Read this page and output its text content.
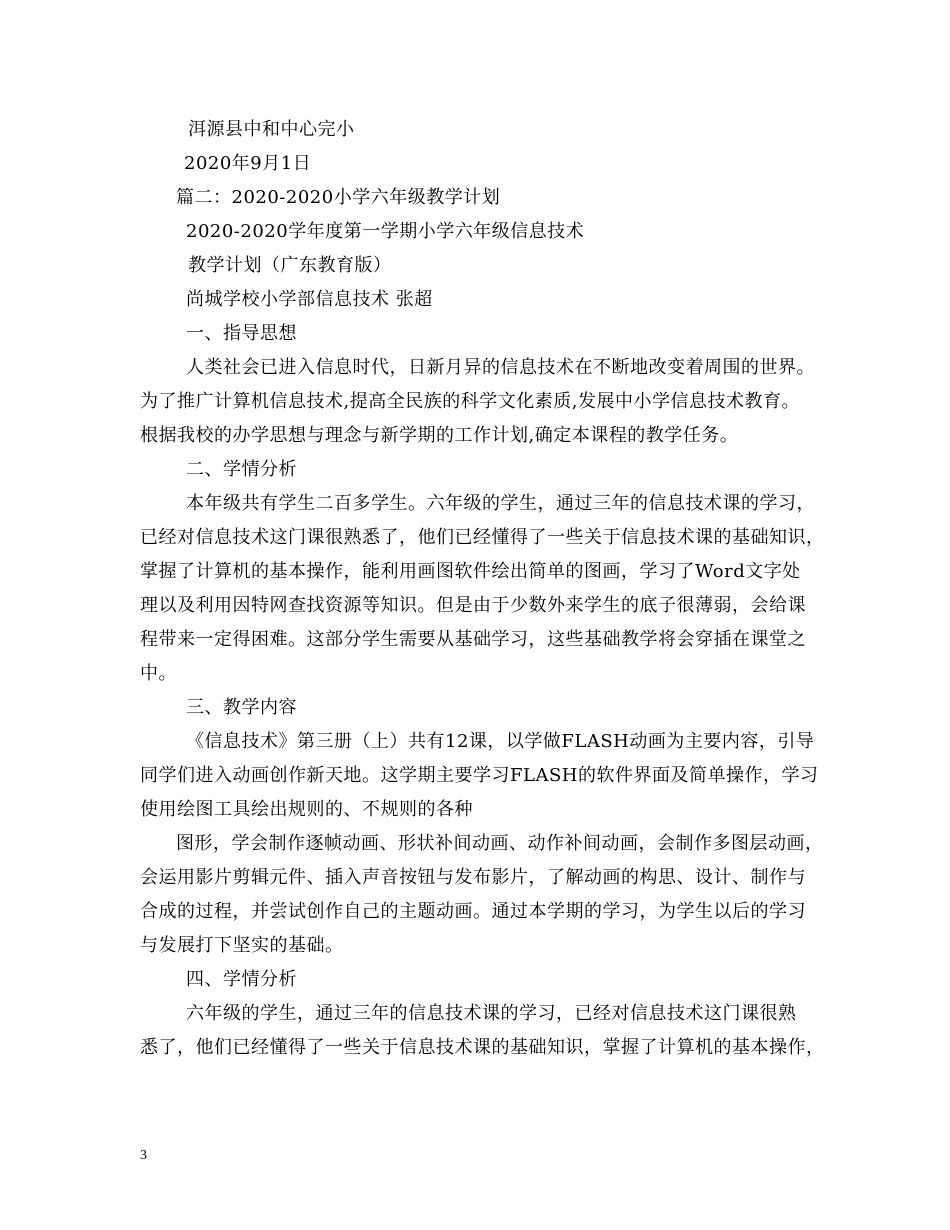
洱源县中和中心完小
2020年9月1日
篇二：2020-2020小学六年级教学计划
2020-2020学年度第一学期小学六年级信息技术
教学计划（广东教育版）
尚城学校小学部信息技术 张超
一、指导思想
人类社会已进入信息时代，日新月异的信息技术在不断地改变着周围的世界。
为了推广计算机信息技术,提高全民族的科学文化素质,发展中小学信息技术教育。
根据我校的办学思想与理念与新学期的工作计划,确定本课程的教学任务。
二、学情分析
本年级共有学生二百多学生。六年级的学生，通过三年的信息技术课的学习，
已经对信息技术这门课很熟悉了，他们已经懂得了一些关于信息技术课的基础知识，
掌握了计算机的基本操作，能利用画图软件绘出简单的图画，学习了Word文字处
理以及利用因特网查找资源等知识。但是由于少数外来学生的底子很薄弱，会给课
程带来一定得困难。这部分学生需要从基础学习，这些基础教学将会穿插在课堂之
中。
三、教学内容
《信息技术》第三册（上）共有12课，以学做FLASH动画为主要内容，引导
同学们进入动画创作新天地。这学期主要学习FLASH的软件界面及简单操作，学习
使用绘图工具绘出规则的、不规则的各种
图形，学会制作逐帧动画、形状补间动画、动作补间动画，会制作多图层动画，
会运用影片剪辑元件、插入声音按钮与发布影片，了解动画的构思、设计、制作与
合成的过程，并尝试创作自己的主题动画。通过本学期的学习，为学生以后的学习
与发展打下坚实的基础。
四、学情分析
六年级的学生，通过三年的信息技术课的学习，已经对信息技术这门课很熟
悉了，他们已经懂得了一些关于信息技术课的基础知识，掌握了计算机的基本操作，
3
